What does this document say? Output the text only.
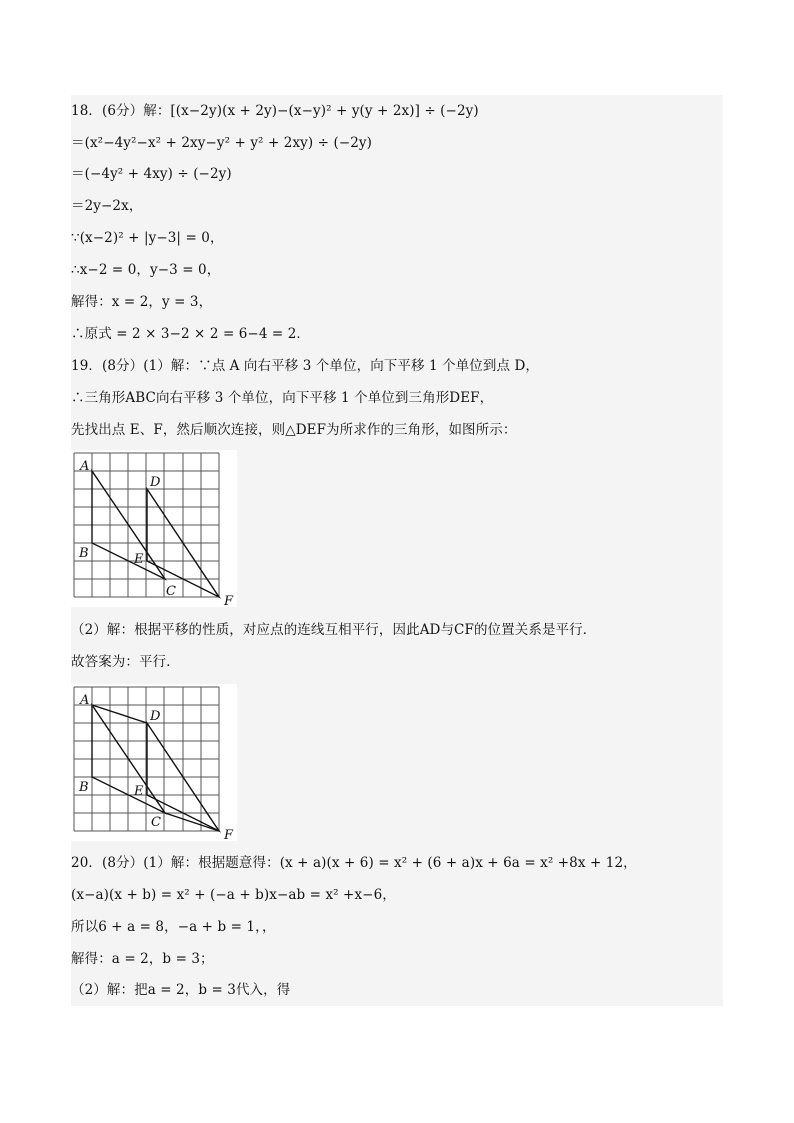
18．(6分）解：[(x−2y)(x + 2y)−(x−y)² + y(y + 2x)] ÷ (−2y)
＝(x²−4y²−x² + 2xy−y² + y² + 2xy) ÷ (−2y)
＝(−4y² + 4xy) ÷ (−2y)
＝2y−2x，
∵(x−2)² + |y−3| = 0，
∴x−2 = 0，y−3 = 0，
解得：x = 2，y = 3，
∴原式 = 2 × 3−2 × 2 = 6−4 = 2．
19．(8分）(1）解：∵点 A 向右平移 3 个单位，向下平移 1 个单位到点 D，
∴三角形ABC向右平移 3 个单位，向下平移 1 个单位到三角形DEF，
先找出点 E、F，然后顺次连接，则△DEF为所求作的三角形，如图所示：
A
B
C
D
E
F
（2）解：根据平移的性质，对应点的连线互相平行，因此AD与CF的位置关系是平行．
故答案为：平行．
A
B
C
D
E
F
20．(8分）(1）解：根据题意得：(x + a)(x + 6) = x² + (6 + a)x + 6a = x² +8x + 12，
(x−a)(x + b) = x² + (−a + b)x−ab = x² +x−6，
所以6 + a = 8，−a + b = 1，，
解得：a = 2，b = 3；
（2）解：把a = 2，b = 3代入，得
